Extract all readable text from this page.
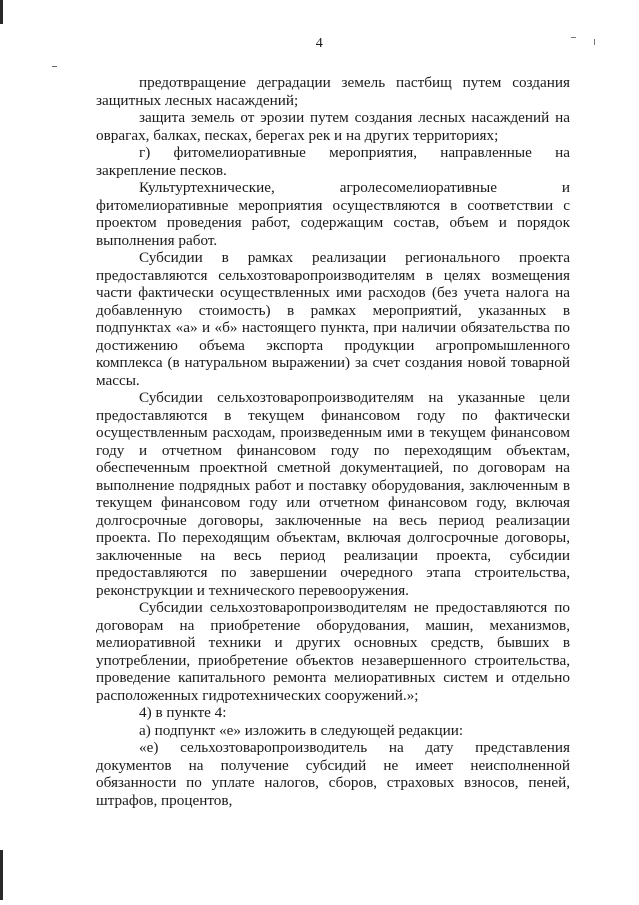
4

предотвращение деградации земель пастбищ путем создания защитных лесных насаждений;

защита земель от эрозии путем создания лесных насаждений на оврагах, балках, песках, берегах рек и на других территориях;

г) фитомелиоративные мероприятия, направленные на закрепление песков.

Культуртехнические, агролесомелиоративные и фитомелиоративные мероприятия осуществляются в соответствии с проектом проведения работ, содержащим состав, объем и порядок выполнения работ.

Субсидии в рамках реализации регионального проекта предоставляются сельхозтоваропроизводителям в целях возмещения части фактически осуществленных ими расходов (без учета налога на добавленную стоимость) в рамках мероприятий, указанных в подпунктах «а» и «б» настоящего пункта, при наличии обязательства по достижению объема экспорта продукции агропромышленного комплекса (в натуральном выражении) за счет создания новой товарной массы.

Субсидии сельхозтоваропроизводителям на указанные цели предоставляются в текущем финансовом году по фактически осуществленным расходам, произведенным ими в текущем финансовом году и отчетном финансовом году по переходящим объектам, обеспеченным проектной сметной документацией, по договорам на выполнение подрядных работ и поставку оборудования, заключенным в текущем финансовом году или отчетном финансовом году, включая долгосрочные договоры, заключенные на весь период реализации проекта. По переходящим объектам, включая долгосрочные договоры, заключенные на весь период реализации проекта, субсидии предоставляются по завершении очередного этапа строительства, реконструкции и технического перевооружения.

Субсидии сельхозтоваропроизводителям не предоставляются по договорам на приобретение оборудования, машин, механизмов, мелиоративной техники и других основных средств, бывших в употреблении, приобретение объектов незавершенного строительства, проведение капитального ремонта мелиоративных систем и отдельно расположенных гидротехнических сооружений.»;

4) в пункте 4:

а) подпункт «е» изложить в следующей редакции:

«е) сельхозтоваропроизводитель на дату представления документов на получение субсидий не имеет неисполненной обязанности по уплате налогов, сборов, страховых взносов, пеней, штрафов, процентов,
